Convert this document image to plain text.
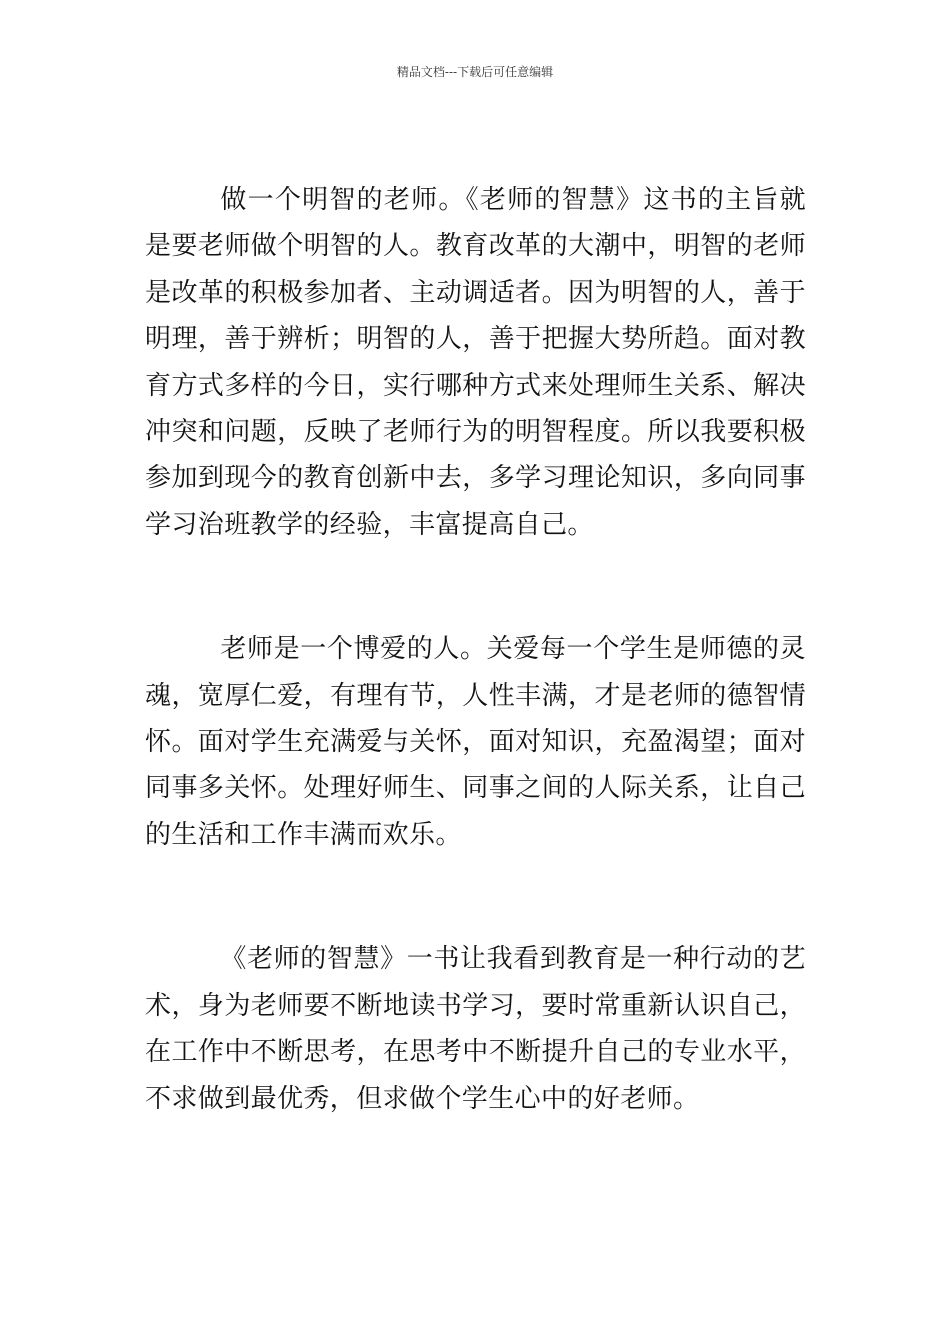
精品文档---下载后可任意编辑

做一个明智的老师。《老师的智慧》这书的主旨就是要老师做个明智的人。教育改革的大潮中，明智的老师是改革的积极参加者、主动调适者。因为明智的人，善于明理，善于辨析；明智的人，善于把握大势所趋。面对教育方式多样的今日，实行哪种方式来处理师生关系、解决冲突和问题，反映了老师行为的明智程度。所以我要积极参加到现今的教育创新中去，多学习理论知识，多向同事学习治班教学的经验，丰富提高自己。

老师是一个博爱的人。关爱每一个学生是师德的灵魂，宽厚仁爱，有理有节，人性丰满，才是老师的德智情怀。面对学生充满爱与关怀，面对知识，充盈渴望；面对同事多关怀。处理好师生、同事之间的人际关系，让自己的生活和工作丰满而欢乐。

《老师的智慧》一书让我看到教育是一种行动的艺术，身为老师要不断地读书学习，要时常重新认识自己，在工作中不断思考，在思考中不断提升自己的专业水平，不求做到最优秀，但求做个学生心中的好老师。
